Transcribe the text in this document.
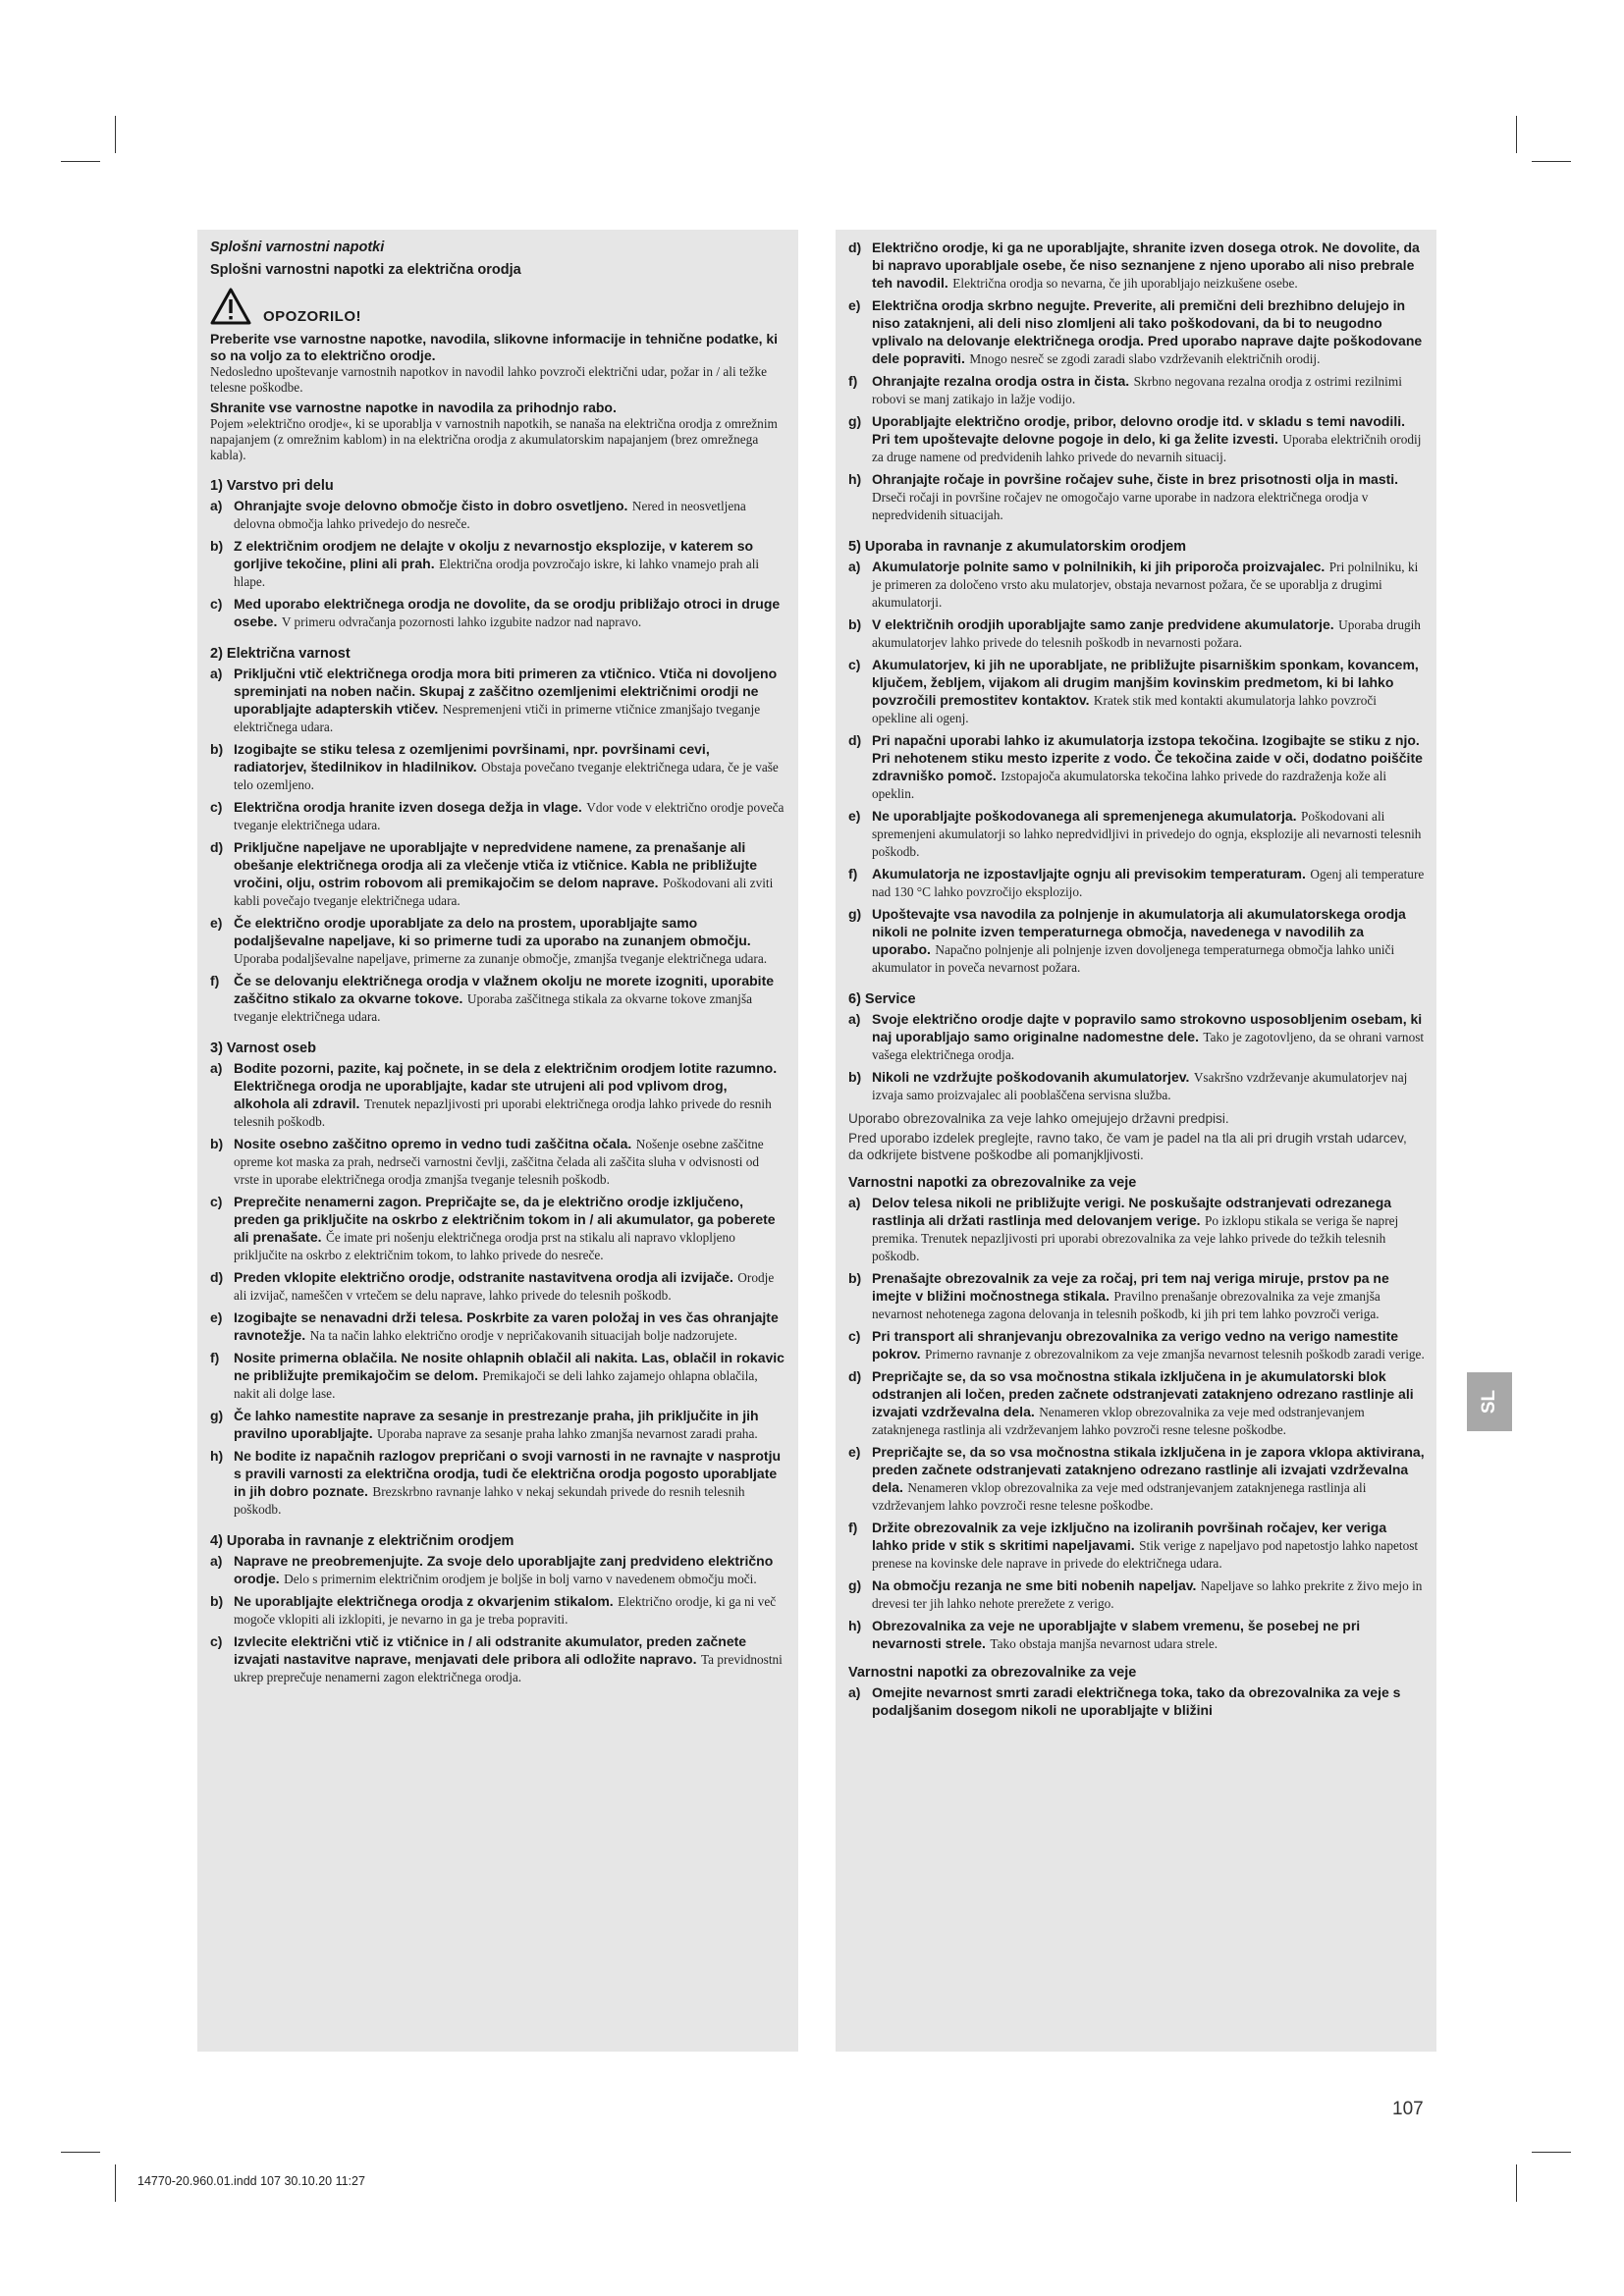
Splošni varnostni napotki
Splošni varnostni napotki za električna orodja
OPOZORILO!
Preberite vse varnostne napotke, navodila, slikovne informacije in tehnične podatke, ki so na voljo za to električno orodje.
Nedosledno upoštevanje varnostnih napotkov in navodil lahko povzroči električni udar, požar in / ali težke telesne poškodbe.
Shranite vse varnostne napotke in navodila za prihodnjo rabo.
Pojem »električno orodje«, ki se uporablja v varnostnih napotkih, se nanaša na električna orodja z omrežnim napajanjem (z omrežnim kablom) in na električna orodja z akumulatorskim napajanjem (brez omrežnega kabla).
1) Varstvo pri delu
a) Ohranjajte svoje delovno območje čisto in dobro osvetljeno. Nered in neosvetljena delovna območja lahko privedejo do nesreče.
b) Z električnim orodjem ne delajte v okolju z nevarnostjo eksplozije, v katerem so gorljive tekočine, plini ali prah. Električna orodja povzročajo iskre, ki lahko vnamejo prah ali hlape.
c) Med uporabo električnega orodja ne dovolite, da se orodju približajo otroci in druge osebe. V primeru odvračanja pozornosti lahko izgubite nadzor nad napravo.
2) Električna varnost
a) Priključni vtič električnega orodja mora biti primeren za vtičnico. Vtiča ni dovoljeno spreminjati na noben način. Skupaj z zaščitno ozemljenimi električnimi orodji ne uporabljajte adapterskih vtičev. Nespremenjeni vtiči in primerne vtičnice zmanjšajo tveganje električnega udara.
b) Izogibajte se stiku telesa z ozemljenimi površinami, npr. površinami cevi, radiatorjev, štedilnikov in hladilnikov. Obstaja povečano tveganje električnega udara, če je vaše telo ozemljeno.
c) Električna orodja hranite izven dosega dežja in vlage. Vdor vode v električno orodje poveča tveganje električnega udara.
d) Priključne napeljave ne uporabljajte v nepredvidene namene, za prenašanje ali obešanje električnega orodja ali za vlečenje vtiča iz vtičnice. Kabla ne približujte vročini, olju, ostrim robovom ali premikajočim se delom naprave. Poškodovani ali zviti kabli povečajo tveganje električnega udara.
e) Če električno orodje uporabljate za delo na prostem, uporabljajte samo podaljševalne napeljave, ki so primerne tudi za uporabo na zunanjem območju. Uporaba podaljševalne napeljave, primerne za zunanje območje, zmanjša tveganje električnega udara.
f)	Če se delovanju električnega orodja v vlažnem okolju ne morete izogniti, uporabite zaščitno stikalo za okvarne tokove. Uporaba zaščitnega stikala za okvarne tokove zmanjša tveganje električnega udara.
3) Varnost oseb
a) Bodite pozorni, pazite, kaj počnete, in se dela z električnim orodjem lotite razumno. Električnega orodja ne uporabljajte, kadar ste utrujeni ali pod vplivom drog, alkohola ali zdravil. Trenutek nepazljivosti pri uporabi električnega orodja lahko privede do resnih telesnih poškodb.
b) Nosite osebno zaščitno opremo in vedno tudi zaščitna očala. Nošenje osebne zaščitne opreme kot maska za prah, nedrseči varnostni čevlji, zaščitna čelada ali zaščita sluha v odvisnosti od vrste in uporabe električnega orodja zmanjša tveganje telesnih poškodb.
c) Preprečite nenamerni zagon. Prepričajte se, da je električno orodje izključeno, preden ga priključite na oskrbo z električnim tokom in / ali akumulator, ga poberete ali prenašate. Če imate pri nošenju električnega orodja prst na stikalu ali napravo vklopljeno priključite na oskrbo z električnim tokom, to lahko privede do nesreče.
d) Preden vklopite električno orodje, odstranite nastavitvena orodja ali izvijače. Orodje ali izvijač, nameščen v vrtečem se delu naprave, lahko privede do telesnih poškodb.
e) Izogibajte se nenavadni drži telesa. Poskrbite za varen položaj in ves čas ohranjajte ravnotežje. Na ta način lahko električno orodje v nepričakovanih situacijah bolje nadzorujete.
f)	Nosite primerna oblačila. Ne nosite ohlapnih oblačil ali nakita. Las, oblačil in rokavic ne približujte premikajočim se delom. Premikajoči se deli lahko zajamejo ohlapna oblačila, nakit ali dolge lase.
g) Če lahko namestite naprave za sesanje in prestrezanje praha, jih priključite in jih pravilno uporabljajte. Uporaba naprave za sesanje praha lahko zmanjša nevarnost zaradi praha.
h) Ne bodite iz napačnih razlogov prepričani o svoji varnosti in ne ravnajte v nasprotju s pravili varnosti za električna orodja, tudi če električna orodja pogosto uporabljate in jih dobro poznate. Brezskrbno ravnanje lahko v nekaj sekundah privede do resnih telesnih poškodb.
4) Uporaba in ravnanje z električnim orodjem
a) Naprave ne preobremenjujte. Za svoje delo uporabljajte zanj predvideno električno orodje. Delo s primernim električnim orodjem je boljše in bolj varno v navedenem območju moči.
b) Ne uporabljajte električnega orodja z okvarjenim stikalom. Električno orodje, ki ga ni več mogoče vklopiti ali izklopiti, je nevarno in ga je treba popraviti.
c) Izvlecite električni vtič iz vtičnice in / ali odstranite akumulator, preden začnete izvajati nastavitve naprave, menjavati dele pribora ali odložite napravo. Ta previdnostni ukrep preprečuje nenamerni zagon električnega orodja.
d) Električno orodje, ki ga ne uporabljajte, shranite izven dosega otrok. Ne dovolite, da bi napravo uporabljale osebe, če niso seznanjene z njeno uporabo ali niso prebrale teh navodil. Električna orodja so nevarna, če jih uporabljajo neizkušene osebe.
e) Električna orodja skrbno negujte. Preverite, ali premični deli brezhibno delujejo in niso zataknjeni, ali deli niso zlomljeni ali tako poškodovani, da bi to neugodno vplivalo na delovanje električnega orodja. Pred uporabo naprave dajte poškodovane dele popraviti. Mnogo nesreč se zgodi zaradi slabo vzdrževanih električnih orodij.
f)	Ohranjajte rezalna orodja ostra in čista. Skrbno negovana rezalna orodja z ostrimi rezilnimi robovi se manj zatikajo in lažje vodijo.
g) Uporabljajte električno orodje, pribor, delovno orodje itd. v skladu s temi navodili. Pri tem upoštevajte delovne pogoje in delo, ki ga želite izvesti. Uporaba električnih orodij za druge namene od predvidenih lahko privede do nevarnih situacij.
h) Ohranjajte ročaje in površine ročajev suhe, čiste in brez prisotnosti olja in masti. Drseči ročaji in površine ročajev ne omogočajo varne uporabe in nadzora električnega orodja v nepredvidenih situacijah.
5) Uporaba in ravnanje z akumulatorskim orodjem
a) Akumulatorje polnite samo v polnilnikih, ki jih priporoča proizvajalec. Pri polnilniku, ki je primeren za določeno vrsto aku mulatorjev, obstaja nevarnost požara, če se uporablja z drugimi akumulatorji.
b) V električnih orodjih uporabljajte samo zanje predvidene akumulatorje. Uporaba drugih akumulatorjev lahko privede do telesnih poškodb in nevarnosti požara.
c) Akumulatorjev, ki jih ne uporabljate, ne približujte pisarniškim sponkam, kovancem, ključem, žebljem, vijakom ali drugim manjšim kovinskim predmetom, ki bi lahko povzročili premostitev kontaktov. Kratek stik med kontakti akumulatorja lahko povzroči opekline ali ogenj.
d) Pri napačni uporabi lahko iz akumulatorja izstopa tekočina. Izogibajte se stiku z njo. Pri nehotenem stiku mesto izperite z vodo. Če tekočina zaide v oči, dodatno poiščite zdravniško pomoč. Izstopajoča akumulatorska tekočina lahko privede do razdraženja kože ali opeklin.
e) Ne uporabljajte poškodovanega ali spremenjenega akumulatorja. Poškodovani ali spremenjeni akumulatorji so lahko nepredvidljivi in privedejo do ognja, eksplozije ali nevarnosti telesnih poškodb.
f)	Akumulatorja ne izpostavljajte ognju ali previsokim temperaturam. Ogenj ali temperature nad 130 °C lahko povzročijo eksplozijo.
g) Upoštevajte vsa navodila za polnjenje in akumulatorja ali akumulatorskega orodja nikoli ne polnite izven temperaturnega območja, navedenega v navodilih za uporabo. Napačno polnjenje ali polnjenje izven dovoljenega temperaturnega območja lahko uniči akumulator in poveča nevarnost požara.
6) Service
a) Svoje električno orodje dajte v popravilo samo strokovno usposobljenim osebam, ki naj uporabljajo samo originalne nadomestne dele. Tako je zagotovljeno, da se ohrani varnost vašega električnega orodja.
b) Nikoli ne vzdržujte poškodovanih akumulatorjev. Vsakršno vzdrževanje akumulatorjev naj izvaja samo proizvajalec ali pooblaščena servisna služba.
Uporabo obrezovalnika za veje lahko omejujejo državni predpisi.
Pred uporabo izdelek preglejte, ravno tako, če vam je padel na tla ali pri drugih vrstah udarcev, da odkrijete bistvene poškodbe ali pomanjkljivosti.
Varnostni napotki za obrezovalnike za veje
a) Delov telesa nikoli ne približujte verigi. Ne poskušajte odstranjevati odrezanega rastlinja ali držati rastlinja med delovanjem verige. Po izklopu stikala se veriga še naprej premika. Trenutek nepazljivosti pri uporabi obrezovalnika za veje lahko privede do težkih telesnih poškodb.
b) Prenašajte obrezovalnik za veje za ročaj, pri tem naj veriga miruje, prstov pa ne imejte v bližini močnostnega stikala. Pravilno prenašanje obrezovalnika za veje zmanjša nevarnost nehotenega zagona delovanja in telesnih poškodb, ki jih pri tem lahko povzroči veriga.
c) Pri transport ali shranjevanju obrezovalnika za verigo vedno na verigo namestite pokrov. Primerno ravnanje z obrezovalnikom za veje zmanjša nevarnost telesnih poškodb zaradi verige.
d) Prepričajte se, da so vsa močnostna stikala izključena in je akumulatorski blok odstranjen ali ločen, preden začnete odstranjevati zataknjeno odrezano rastlinje ali izvajati vzdrževalna dela. Nenameren vklop obrezovalnika za veje med odstranjevanjem zataknjenega rastlinja ali vzdrževanjem lahko povzroči resne telesne poškodbe.
e) Prepričajte se, da so vsa močnostna stikala izključena in je zapora vklopa aktivirana, preden začnete odstranjevati zataknjeno odrezano rastlinje ali izvajati vzdrževalna dela. Nenameren vklop obrezovalnika za veje med odstranjevanjem zataknjenega rastlinja ali vzdrževanjem lahko povzroči resne telesne poškodbe.
f)	Držite obrezovalnik za veje izključno na izoliranih površinah ročajev, ker veriga lahko pride v stik s skritimi napeljavami. Stik verige z napeljavo pod napetostjo lahko napetost prenese na kovinske dele naprave in privede do električnega udara.
g) Na območju rezanja ne sme biti nobenih napeljav. Napeljave so lahko prekrite z živo mejo in drevesi ter jih lahko nehote prerežete z verigo.
h) Obrezovalnika za veje ne uporabljajte v slabem vremenu, še posebej ne pri nevarnosti strele. Tako obstaja manjša nevarnost udara strele.
Varnostni napotki za obrezovalnike za veje
a) Omejite nevarnost smrti zaradi električnega toka, tako da obrezovalnika za veje s podaljšanim dosegom nikoli ne uporabljajte v bližini
SL
107
14770-20.960.01.indd 107 30.10.20 11:27
